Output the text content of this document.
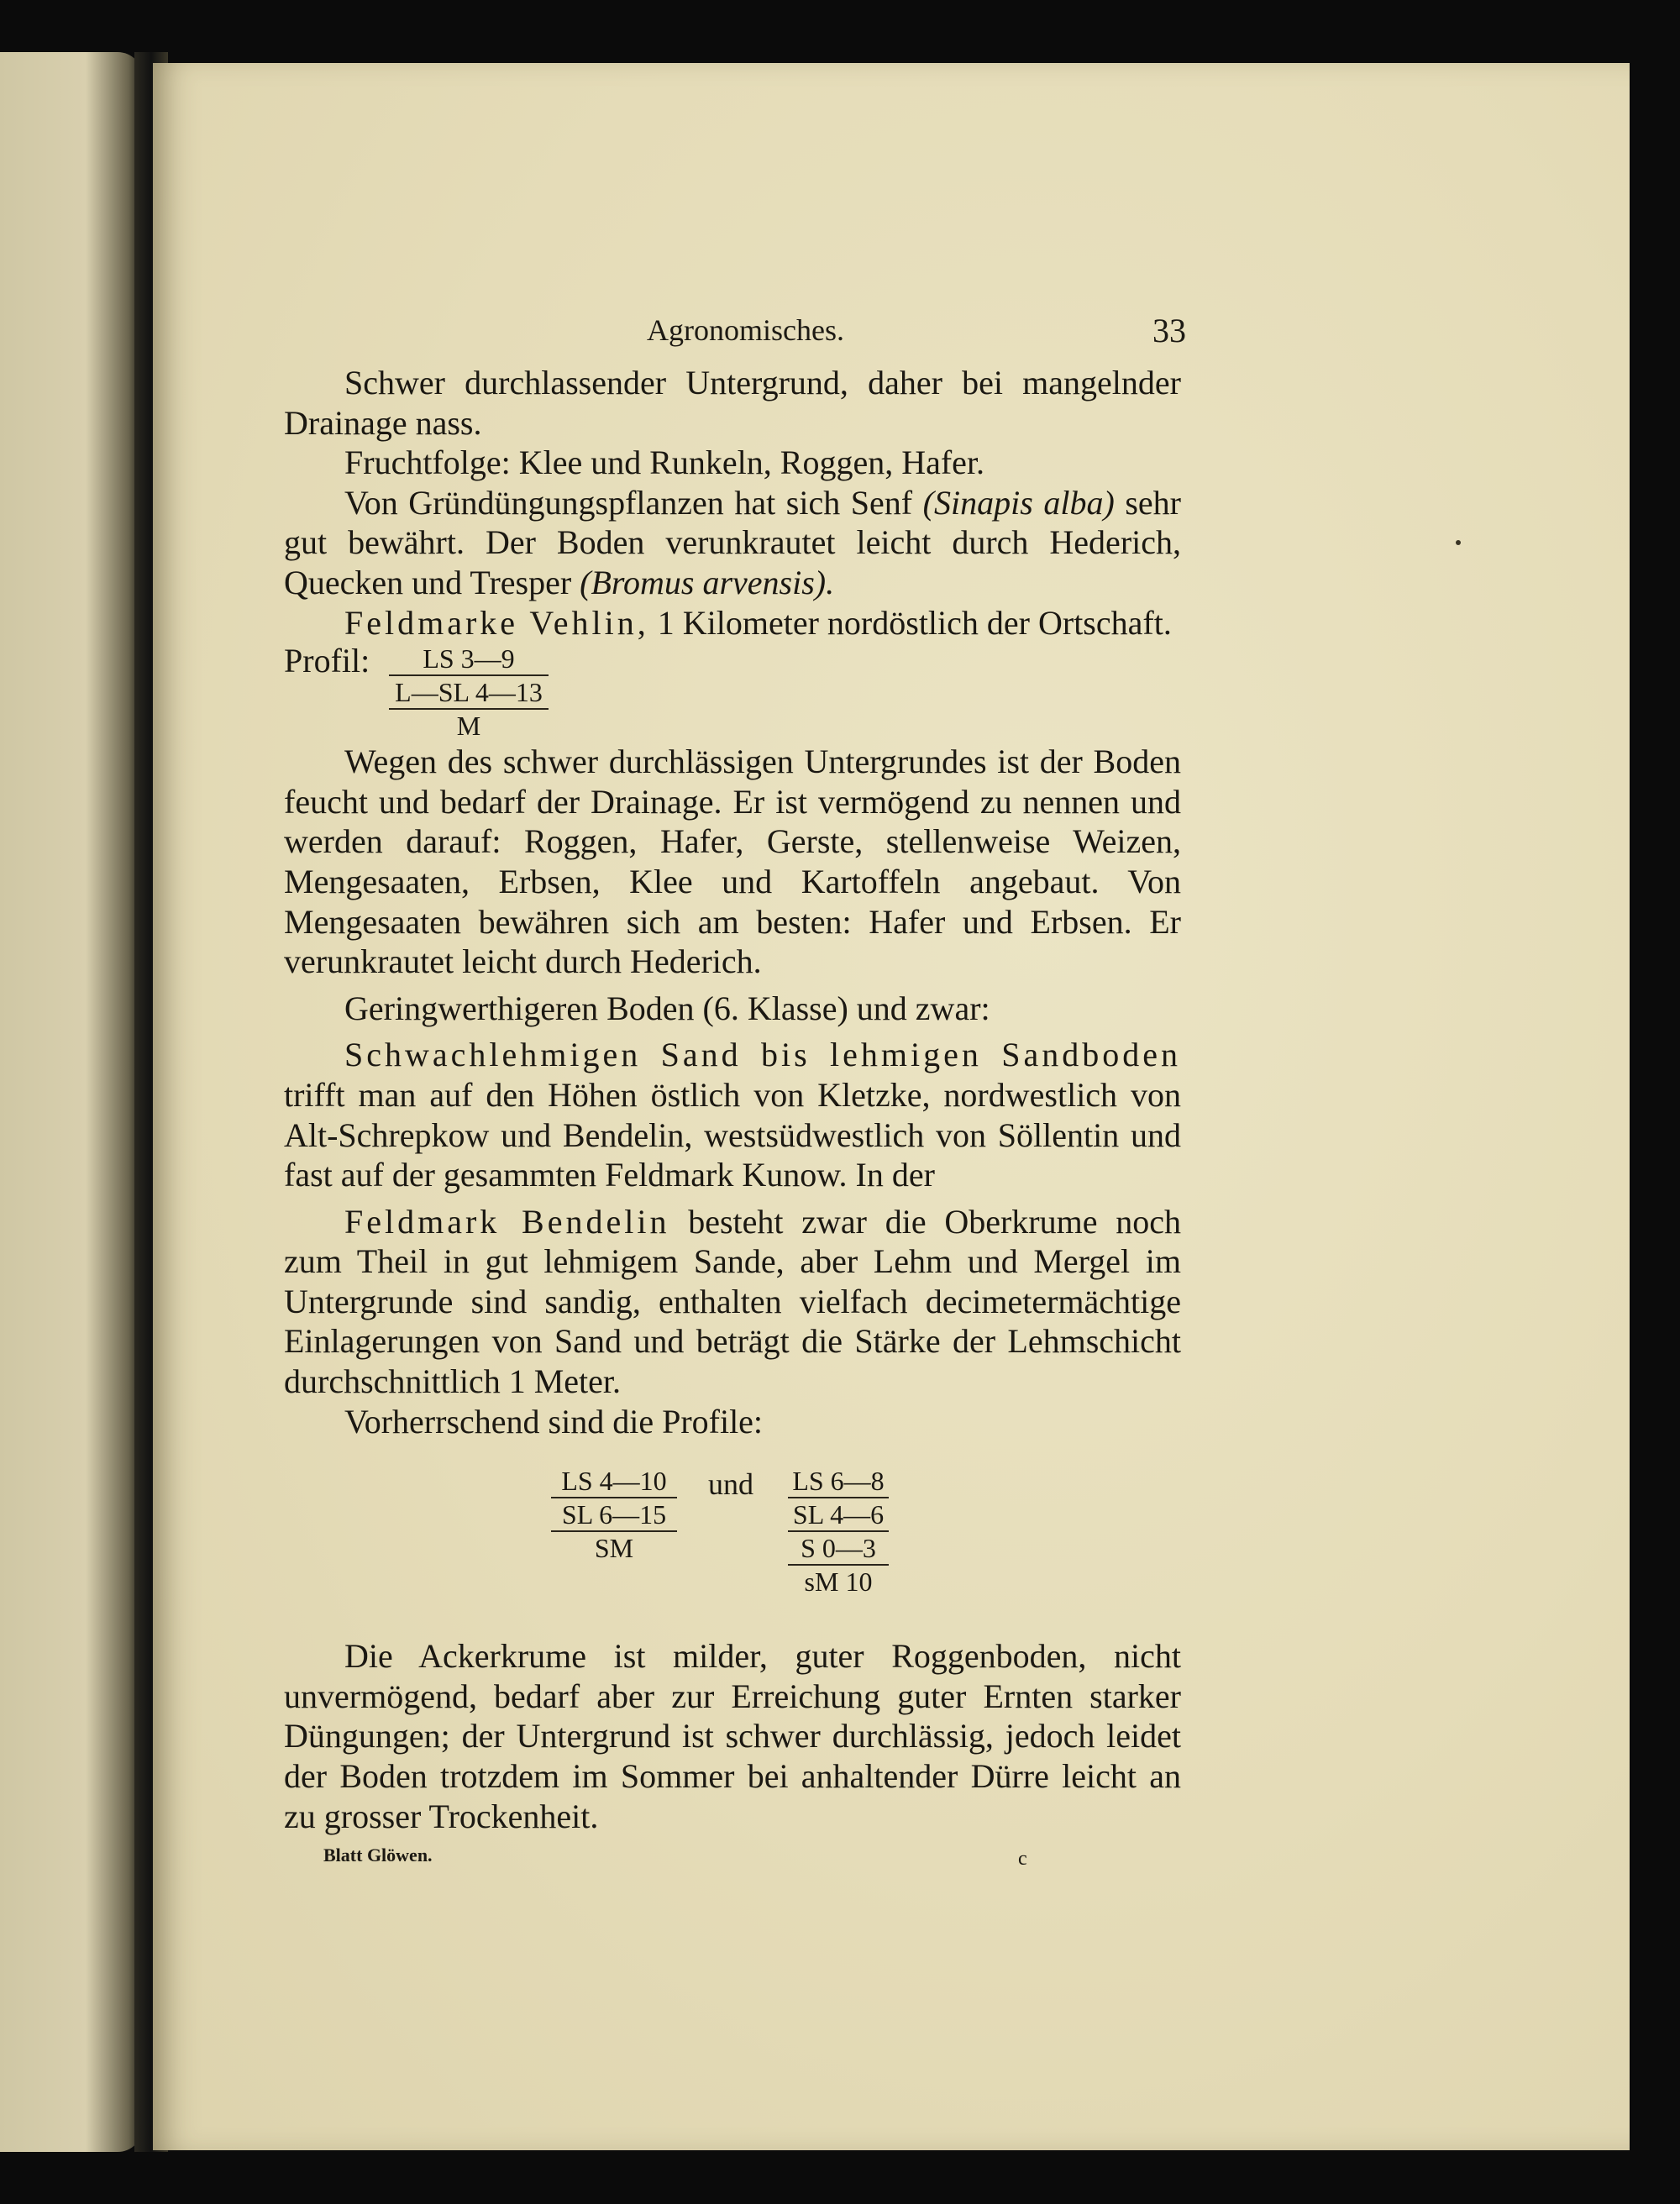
Agronomisches.	33

Schwer durchlassender Untergrund, daher bei mangelnder Drainage nass.

Fruchtfolge: Klee und Runkeln, Roggen, Hafer.

Von Gründüngungspflanzen hat sich Senf (Sinapis alba) sehr gut bewährt. Der Boden verunkrautet leicht durch Hederich, Quecken und Tresper (Bromus arvensis).

Feldmarke Vehlin, 1 Kilometer nordöstlich der Ortschaft.

Profil:	LS 3—9
L—SL 4—13
M

Wegen des schwer durchlässigen Untergrundes ist der Boden feucht und bedarf der Drainage. Er ist vermögend zu nennen und werden darauf: Roggen, Hafer, Gerste, stellenweise Weizen, Mengesaaten, Erbsen, Klee und Kartoffeln angebaut. Von Mengesaaten bewähren sich am besten: Hafer und Erbsen. Er verunkrautet leicht durch Hederich.

Geringwerthigeren Boden (6. Klasse) und zwar:

Schwachlehmigen Sand bis lehmigen Sandboden trifft man auf den Höhen östlich von Kletzke, nordwestlich von Alt-Schrepkow und Bendelin, westsüdwestlich von Söllentin und fast auf der gesammten Feldmark Kunow. In der

Feldmark Bendelin besteht zwar die Oberkrume noch zum Theil in gut lehmigem Sande, aber Lehm und Mergel im Untergrunde sind sandig, enthalten vielfach decimetermächtige Einlagerungen von Sand und beträgt die Stärke der Lehmschicht durchschnittlich 1 Meter.

Vorherrschend sind die Profile:

LS 4—10
SL 6—15
SM
und LS 6—8
SL 4—6
S 0—3
sM 10

Die Ackerkrume ist milder, guter Roggenboden, nicht unvermögend, bedarf aber zur Erreichung guter Ernten starker Düngungen; der Untergrund ist schwer durchlässig, jedoch leidet der Boden trotzdem im Sommer bei anhaltender Dürre leicht an zu grosser Trockenheit.

Blatt Glöwen.	c
